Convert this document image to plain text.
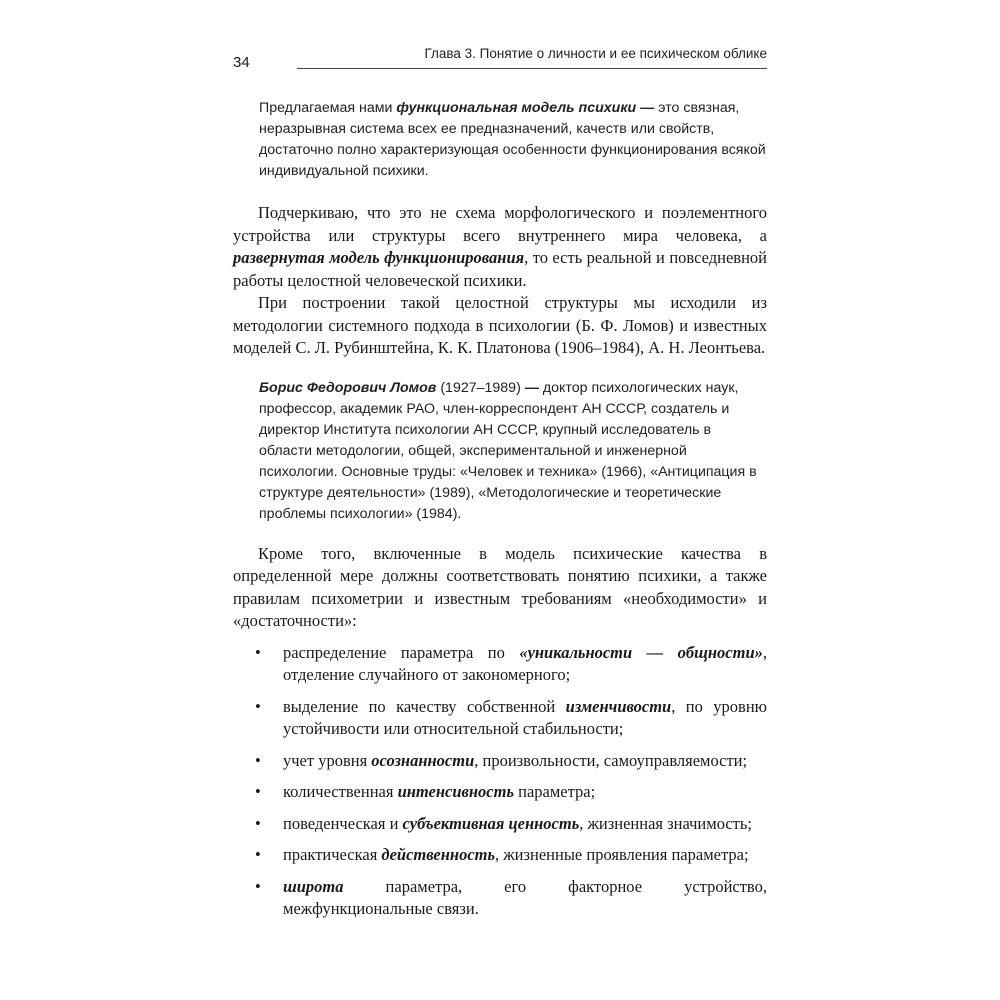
34
Глава 3. Понятие о личности и ее психическом облике

Предлагаемая нами функциональная модель психики — это связная, неразрывная система всех ее предназначений, качеств или свойств, достаточно полно характеризующая особенности функционирования всякой индивидуальной психики.

Подчеркиваю, что это не схема морфологического и поэлементного устройства или структуры всего внутреннего мира человека, а развернутая модель функционирования, то есть реальной и повседневной работы целостной человеческой психики.

При построении такой целостной структуры мы исходили из методологии системного подхода в психологии (Б. Ф. Ломов) и известных моделей С. Л. Рубинштейна, К. К. Платонова (1906–1984), А. Н. Леонтьева.

Борис Федорович Ломов (1927–1989) — доктор психологических наук, профессор, академик РАО, член-корреспондент АН СССР, создатель и директор Института психологии АН СССР, крупный исследователь в области методологии, общей, экспериментальной и инженерной психологии. Основные труды: «Человек и техника» (1966), «Антиципация в структуре деятельности» (1989), «Методологические и теоретические проблемы психологии» (1984).

Кроме того, включенные в модель психические качества в определенной мере должны соответствовать понятию психики, а также правилам психометрии и известным требованиям «необходимости» и «достаточности»:

• распределение параметра по «уникальности — общности», отделение случайного от закономерного;
• выделение по качеству собственной изменчивости, по уровню устойчивости или относительной стабильности;
• учет уровня осознанности, произвольности, самоуправляемости;
• количественная интенсивность параметра;
• поведенческая и субъективная ценность, жизненная значимость;
• практическая действенность, жизненные проявления параметра;
• широта параметра, его факторное устройство, межфункциональные связи.
